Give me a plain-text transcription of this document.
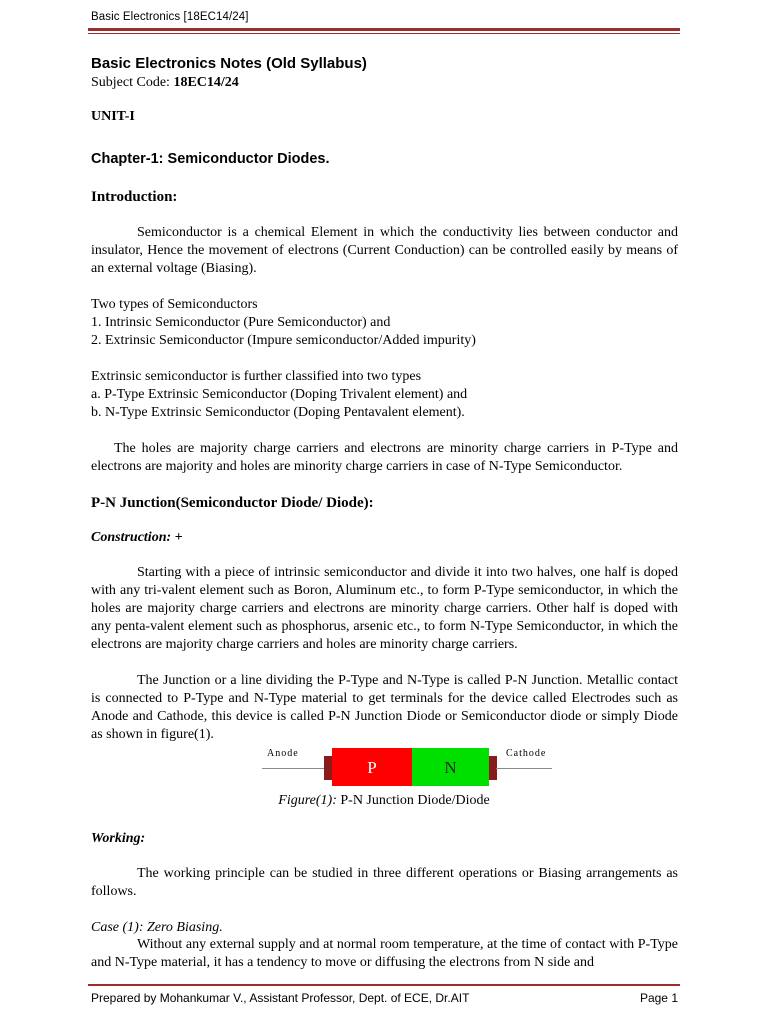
Basic Electronics [18EC14/24]
Basic Electronics Notes (Old Syllabus)
Subject Code: 18EC14/24
UNIT-I
Chapter-1: Semiconductor Diodes.
Introduction:
Semiconductor is a chemical Element in which the conductivity lies between conductor and insulator, Hence the movement of electrons (Current Conduction) can be controlled easily by means of an external voltage (Biasing).
Two types of Semiconductors
1. Intrinsic Semiconductor (Pure Semiconductor) and
2. Extrinsic Semiconductor (Impure semiconductor/Added impurity)
Extrinsic semiconductor is further classified into two types
a. P-Type Extrinsic Semiconductor (Doping Trivalent element) and
b. N-Type Extrinsic Semiconductor (Doping Pentavalent element).
The holes are majority charge carriers and electrons are minority charge carriers in P-Type and electrons are majority and holes are minority charge carriers in case of N-Type Semiconductor.
P-N Junction(Semiconductor Diode/ Diode):
Construction: +
Starting with a piece of intrinsic semiconductor and divide it into two halves, one half is doped with any tri-valent element such as Boron, Aluminum etc., to form P-Type semiconductor, in which the holes are majority charge carriers and electrons are minority charge carriers. Other half is doped with any penta-valent element such as phosphorus, arsenic etc., to form N-Type Semiconductor, in which the electrons are majority charge carriers and holes are minority charge carriers.
The Junction or a line dividing the P-Type and N-Type is called P-N Junction. Metallic contact is connected to P-Type and N-Type material to get terminals for the device called Electrodes such as Anode and Cathode, this device is called P-N Junction Diode or Semiconductor diode or simply Diode as shown in figure(1).
Anode
P	N
Cathode
Figure(1): P-N Junction Diode/Diode
Working:
The working principle can be studied in three different operations or Biasing arrangements as follows.
Case (1): Zero Biasing.
Without any external supply and at normal room temperature, at the time of contact with P-Type and N-Type material, it has a tendency to move or diffusing the electrons from N side and
Prepared by Mohankumar V., Assistant Professor, Dept. of ECE, Dr.AIT	Page 1
